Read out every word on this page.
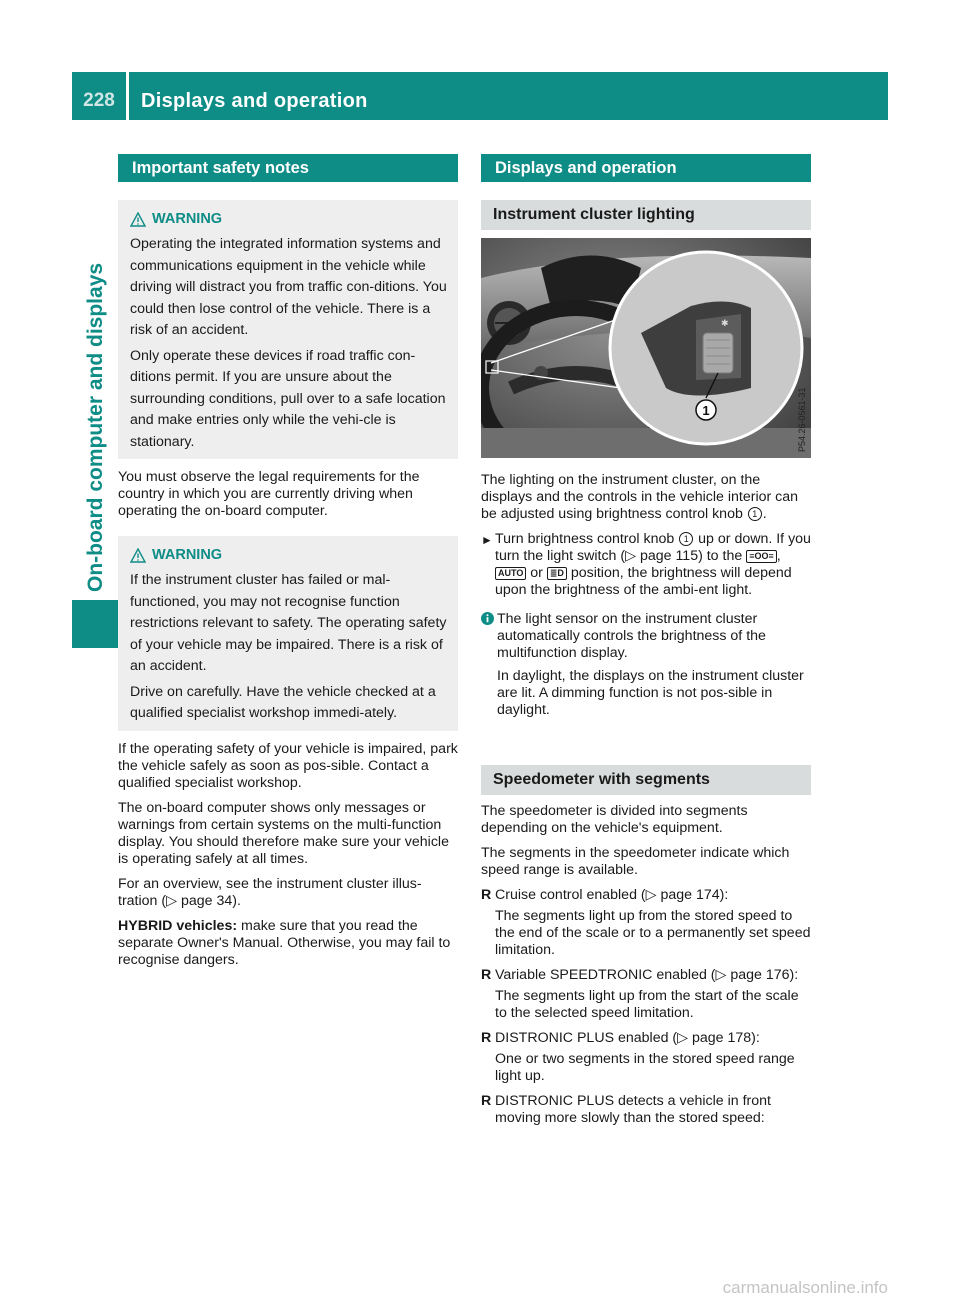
228	Displays and operation
On-board computer and displays
Important safety notes
WARNING

Operating the integrated information systems and communications equipment in the vehicle while driving will distract you from traffic con-ditions. You could then lose control of the vehicle. There is a risk of an accident.

Only operate these devices if road traffic con-ditions permit. If you are unsure about the surrounding conditions, pull over to a safe location and make entries only while the vehi-cle is stationary.

You must observe the legal requirements for the country in which you are currently driving when operating the on-board computer.

WARNING

If the instrument cluster has failed or mal-functioned, you may not recognise function restrictions relevant to safety. The operating safety of your vehicle may be impaired. There is a risk of an accident.

Drive on carefully. Have the vehicle checked at a qualified specialist workshop immedi-ately.

If the operating safety of your vehicle is impaired, park the vehicle safely as soon as pos-sible. Contact a qualified specialist workshop.

The on-board computer shows only messages or warnings from certain systems on the multi-function display. You should therefore make sure your vehicle is operating safely at all times.

For an overview, see the instrument cluster illus-tration (▷ page 34).

HYBRID vehicles: make sure that you read the separate Owner's Manual. Otherwise, you may fail to recognise dangers.

Displays and operation
Instrument cluster lighting
✱
1	P54.26-0561-31

The lighting on the instrument cluster, on the displays and the controls in the vehicle interior can be adjusted using brightness control knob 1 .

► Turn brightness control knob 1 up or down. If you turn the light switch (▷ page 115) to the ≡OO≡ , AUTO or ≣D position, the brightness will depend upon the brightness of the ambi-ent light.

The light sensor on the instrument cluster automatically controls the brightness of the multifunction display.

In daylight, the displays on the instrument cluster are lit. A dimming function is not pos-sible in daylight.

Speedometer with segments

The speedometer is divided into segments depending on the vehicle's equipment.

The segments in the speedometer indicate which speed range is available.

R Cruise control enabled (▷ page 174):

The segments light up from the stored speed to the end of the scale or to a permanently set speed limitation.

R Variable SPEEDTRONIC enabled (▷ page 176):

The segments light up from the start of the scale to the selected speed limitation.

R DISTRONIC PLUS enabled (▷ page 178):

One or two segments in the stored speed range light up.

R DISTRONIC PLUS detects a vehicle in front moving more slowly than the stored speed:

carmanualsonline.info
